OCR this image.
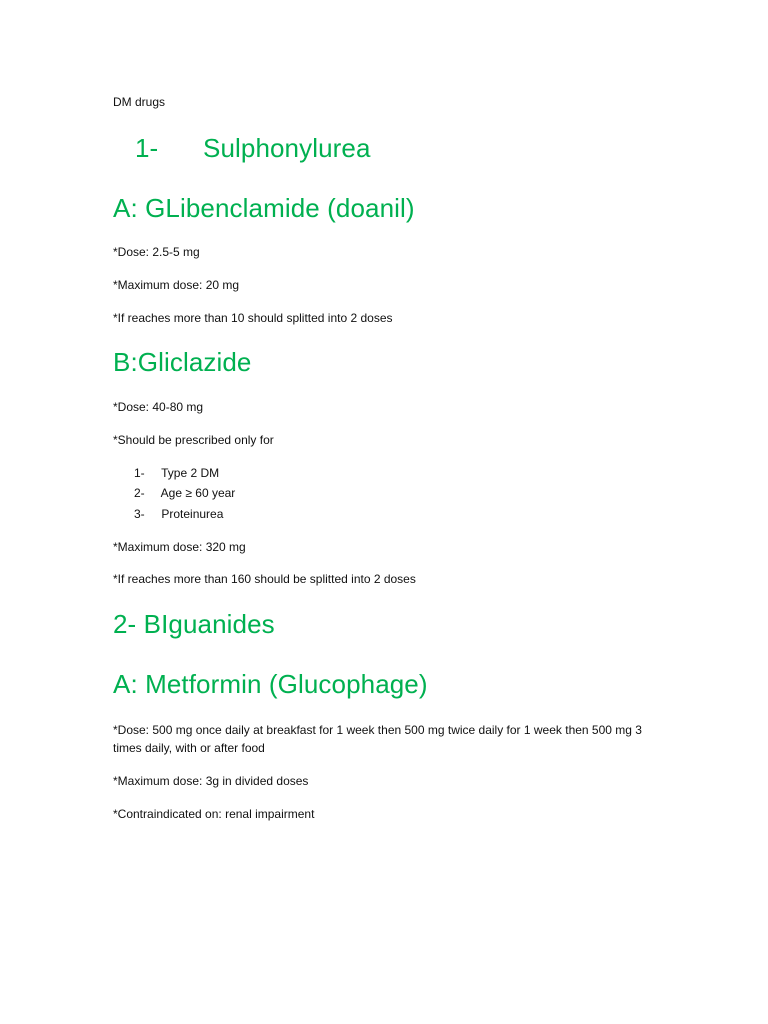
DM drugs
1- Sulphonylurea
A: GLibenclamide (doanil)
*Dose: 2.5-5 mg
*Maximum dose: 20 mg
*If reaches more than 10 should splitted into 2 doses
B:Gliclazide
*Dose: 40-80 mg
*Should be prescribed only for
1- Type 2 DM
2- Age ≥ 60 year
3- Proteinurea
*Maximum dose: 320 mg
*If reaches more than 160 should be splitted into 2 doses
2- BIguanides
A: Metformin (Glucophage)
*Dose: 500 mg once daily at breakfast for 1 week then 500 mg twice daily for 1 week then 500 mg 3 times daily, with or after food
*Maximum dose: 3g in divided doses
*Contraindicated on: renal impairment
